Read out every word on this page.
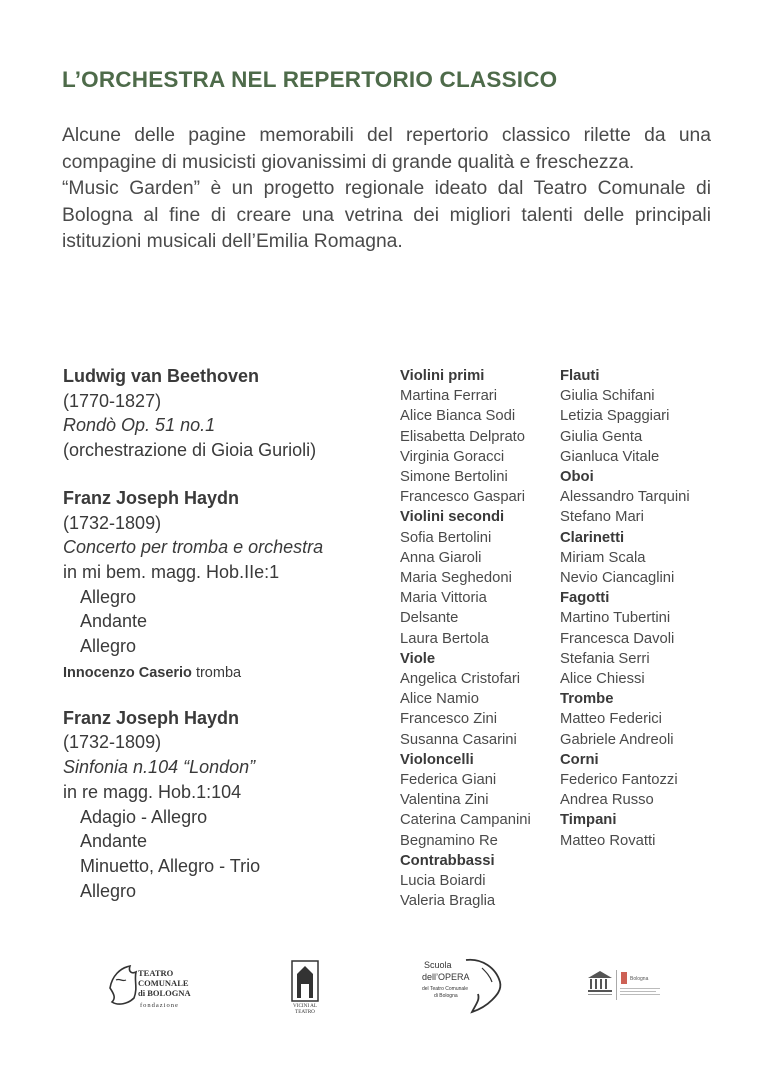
L’ORCHESTRA NEL REPERTORIO CLASSICO

Alcune delle pagine memorabili del repertorio classico rilette da una compagine di musicisti giovanissimi di grande qualità e freschezza.

“Music Garden” è un progetto regionale ideato dal Teatro Comunale di Bologna al fine di creare una vetrina dei migliori talenti delle principali istituzioni musicali dell’Emilia Romagna.

Ludwig van Beethoven
(1770-1827)
Rondò Op. 51 no.1
(orchestrazione di Gioia Gurioli)
Franz Joseph Haydn
(1732-1809)
Concerto per tromba e orchestra
in mi bem. magg. Hob.IIe:1
Allegro
Andante
Allegro
Innocenzo Caserio tromba
Franz Joseph Haydn
(1732-1809)
Sinfonia n.104 “London”
in re magg. Hob.1:104
Adagio - Allegro
Andante
Minuetto, Allegro - Trio
Allegro
Violini primi
Martina Ferrari
Alice Bianca Sodi
Elisabetta Delprato
Virginia Goracci
Simone Bertolini
Francesco Gaspari
Violini secondi
Sofia Bertolini
Anna Giaroli
Maria Seghedoni
Maria Vittoria
Delsante
Laura Bertola
Viole
Angelica Cristofari
Alice Namio
Francesco Zini
Susanna Casarini
Violoncelli
Federica Giani
Valentina Zini
Caterina Campanini
Begnamino Re
Contrabbassi
Lucia Boiardi
Valeria Braglia
Flauti
Giulia Schifani
Letizia Spaggiari
Giulia Genta
Gianluca Vitale
Oboi
Alessandro Tarquini
Stefano Mari
Clarinetti
Miriam Scala
Nevio Ciancaglini
Fagotti
Martino Tubertini
Francesca Davoli
Stefania Serri
Alice Chiessi
Trombe
Matteo Federici
Gabriele Andreoli
Corni
Federico Fantozzi
Andrea Russo
Timpani
Matteo Rovatti
TEATRO
COMUNALE
di BOLOGNA
fondazione	VICINI AL
TEATRO
Scuola
dell’OPERA
del Teatro Comunale
di Bologna
Bologna
